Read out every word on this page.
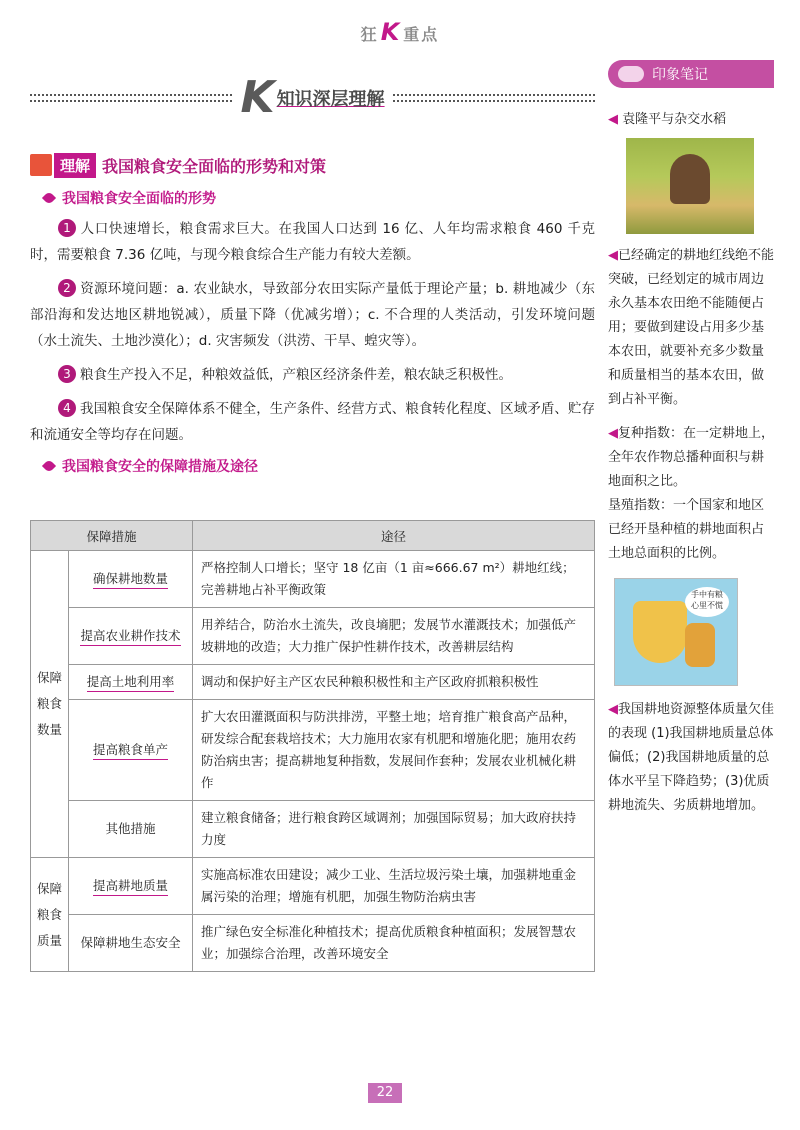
狂K 重点
K 知识深层理解
印象笔记
理解 我国粮食安全面临的形势和对策
我国粮食安全面临的形势

1 人口快速增长，粮食需求巨大。在我国人口达到 16 亿、人年均需求粮食 460 千克时，需要粮食 7.36 亿吨，与现今粮食综合生产能力有较大差额。

2 资源环境问题：a. 农业缺水，导致部分农田实际产量低于理论产量；b. 耕地减少（东部沿海和发达地区耕地锐减），质量下降（优减劣增）；c. 不合理的人类活动，引发环境问题（水土流失、土地沙漠化）；d. 灾害频发（洪涝、干旱、蝗灾等）。

3 粮食生产投入不足，种粮效益低，产粮区经济条件差，粮农缺乏积极性。

4 我国粮食安全保障体系不健全，生产条件、经营方式、粮食转化程度、区域矛盾、贮存和流通安全等均存在问题。

我国粮食安全的保障措施及途径
保障措施		途径
保障粮食数量	确保耕地数量	严格控制人口增长；坚守 18 亿亩（1 亩≈666.67 m²）耕地红线；完善耕地占补平衡政策
	提高农业耕作技术	用养结合，防治水土流失，改良墒肥；发展节水灌溉技术；加强低产坡耕地的改造；大力推广保护性耕作技术，改善耕层结构
	提高土地利用率	调动和保护好主产区农民种粮积极性和主产区政府抓粮积极性
	提高粮食单产	扩大农田灌溉面积与防洪排涝，平整土地；培育推广粮食高产品种，研发综合配套栽培技术；大力施用农家有机肥和增施化肥；施用农药防治病虫害；提高耕地复种指数，发展间作套种；发展农业机械化耕作
	其他措施	建立粮食储备；进行粮食跨区域调剂；加强国际贸易；加大政府扶持力度
保障粮食质量	提高耕地质量	实施高标准农田建设；减少工业、生活垃圾污染土壤，加强耕地重金属污染的治理；增施有机肥，加强生物防治病虫害
	保障耕地生态安全	推广绿色安全标准化种植技术；提高优质粮食种植面积；发展智慧农业；加强综合治理，改善环境安全
◀ 袁隆平与杂交水稻
◀已经确定的耕地红线绝不能突破，已经划定的城市周边永久基本农田绝不能随便占用；要做到建设占用多少基本农田，就要补充多少数量和质量相当的基本农田，做到占补平衡。
◀复种指数：在一定耕地上，全年农作物总播种面积与耕地面积之比。
垦殖指数：一个国家和地区已经开垦种植的耕地面积占土地总面积的比例。
手中有粮
心里不慌
◀我国耕地资源整体质量欠佳的表现 (1)我国耕地质量总体偏低；(2)我国耕地质量的总体水平呈下降趋势；(3)优质耕地流失、劣质耕地增加。
22
